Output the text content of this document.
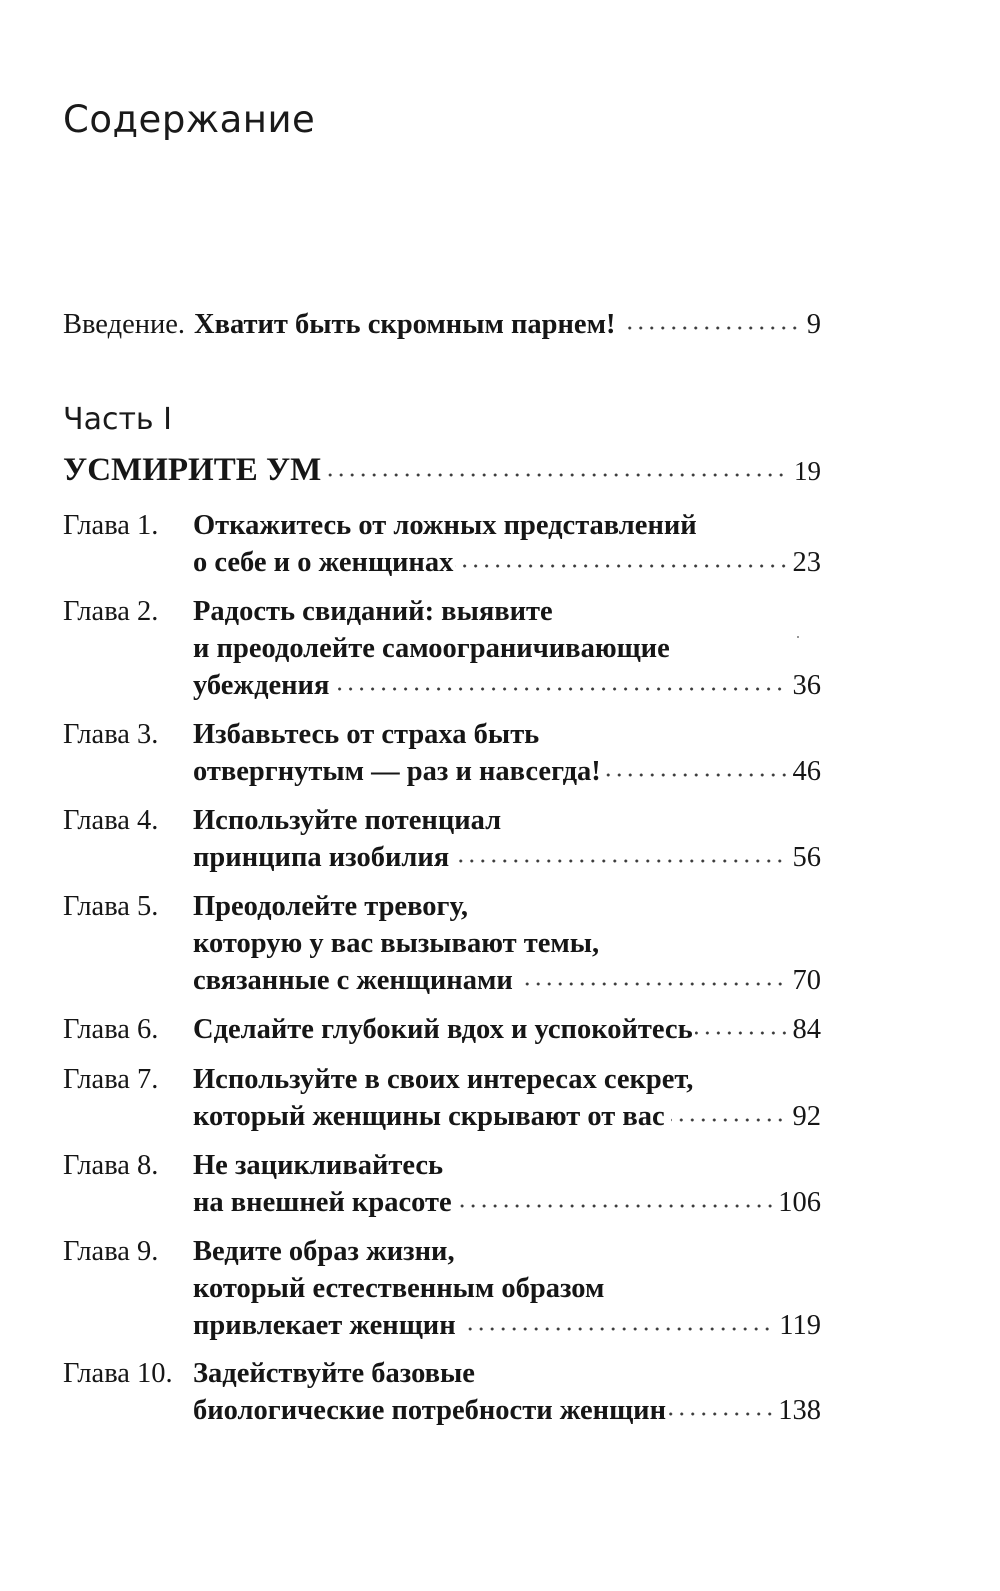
Содержание
Введение. Хватит быть скромным парнем!	9
Часть I
УСМИРИТЕ УМ	19
Глава 1. Откажитесь от ложных представлений
о себе и о женщинах	23
Глава 2. Радость свиданий: выявите
и преодолейте самоограничивающие
убеждения	36
Глава 3. Избавьтесь от страха быть
отвергнутым — раз и навсегда!	46
Глава 4. Используйте потенциал
принципа изобилия	56
Глава 5. Преодолейте тревогу,
которую у вас вызывают темы,
связанные с женщинами	70
Глава 6. Сделайте глубокий вдох и успокойтесь	84
Глава 7. Используйте в своих интересах секрет,
который женщины скрывают от вас	92
Глава 8. Не зацикливайтесь
на внешней красоте	106
Глава 9. Ведите образ жизни,
который естественным образом
привлекает женщин	119
Глава 10. Задействуйте базовые
биологические потребности женщин	138
